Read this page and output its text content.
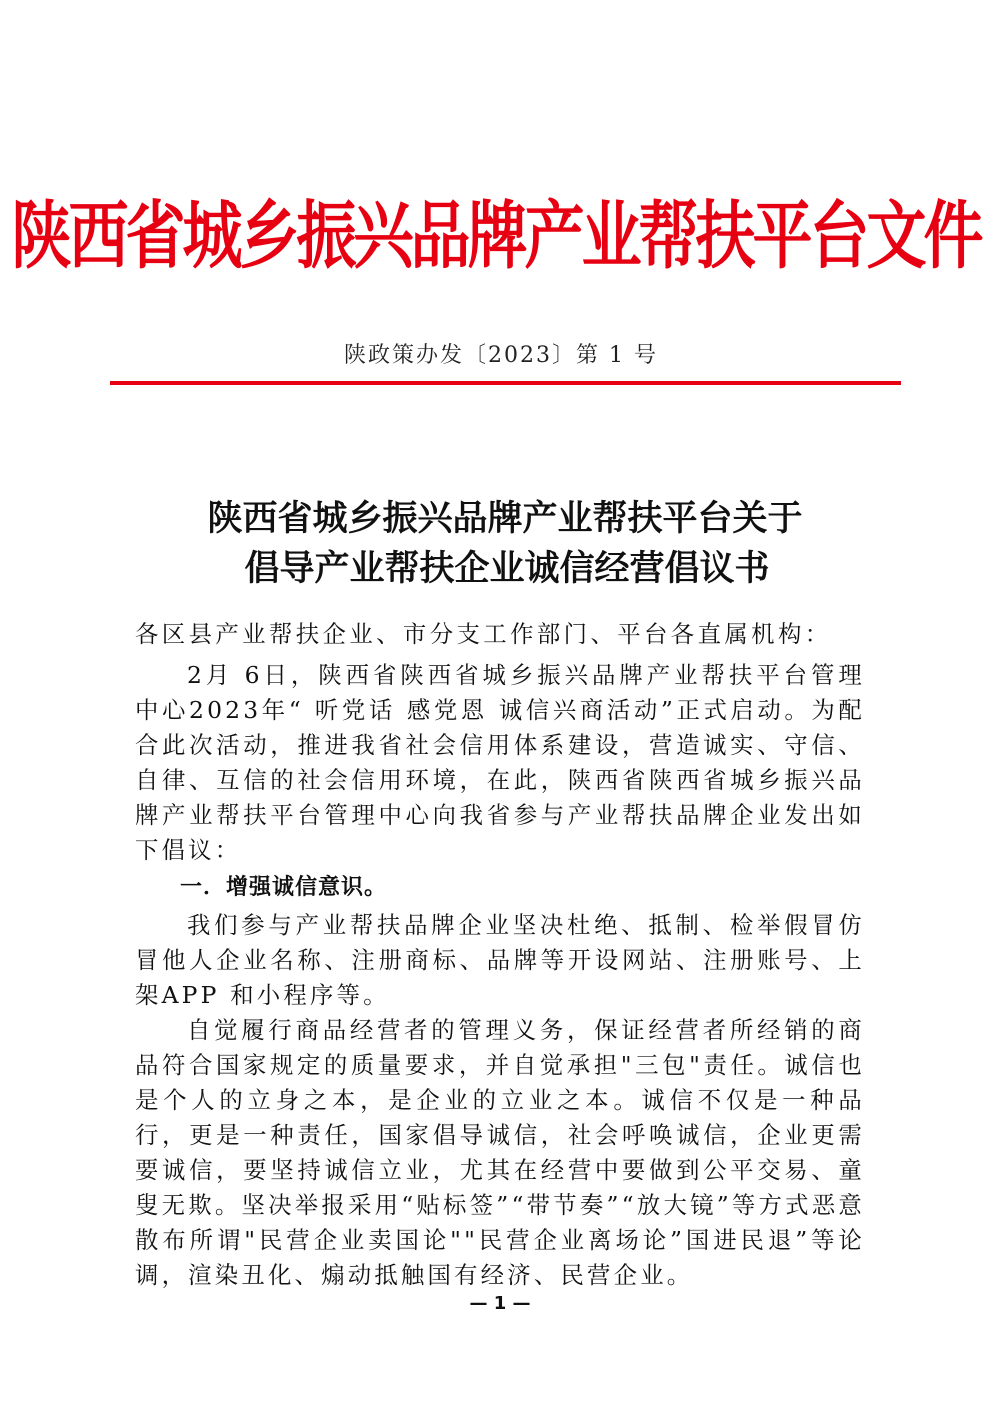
陕西省城乡振兴品牌产业帮扶平台文件
陕政策办发〔2023〕第 1 号
陕西省城乡振兴品牌产业帮扶平台关于
倡导产业帮扶企业诚信经营倡议书

各区县产业帮扶企业、市分支工作部门、平台各直属机构：

2月 6日，陕西省陕西省城乡振兴品牌产业帮扶平台管理中心2023年“ 听党话 感党恩 诚信兴商活动”正式启动。为配合此次活动，推进我省社会信用体系建设，营造诚实、守信、自律、互信的社会信用环境，在此，陕西省陕西省城乡振兴品牌产业帮扶平台管理中心向我省参与产业帮扶品牌企业发出如下倡议：

一．增强诚信意识。

我们参与产业帮扶品牌企业坚决杜绝、抵制、检举假冒仿冒他人企业名称、注册商标、品牌等开设网站、注册账号、上架APP 和小程序等。

自觉履行商品经营者的管理义务，保证经营者所经销的商品符合国家规定的质量要求，并自觉承担"三包"责任。诚信也是个人的立身之本，是企业的立业之本。诚信不仅是一种品行，更是一种责任，国家倡导诚信，社会呼唤诚信，企业更需要诚信，要坚持诚信立业，尤其在经营中要做到公平交易、童叟无欺。坚决举报采用“贴标签”“带节奏”“放大镜”等方式恶意散布所谓"民营企业卖国论""民营企业离场论”国进民退”等论调，渲染丑化、煽动抵触国有经济、民营企业。

— 1 —
